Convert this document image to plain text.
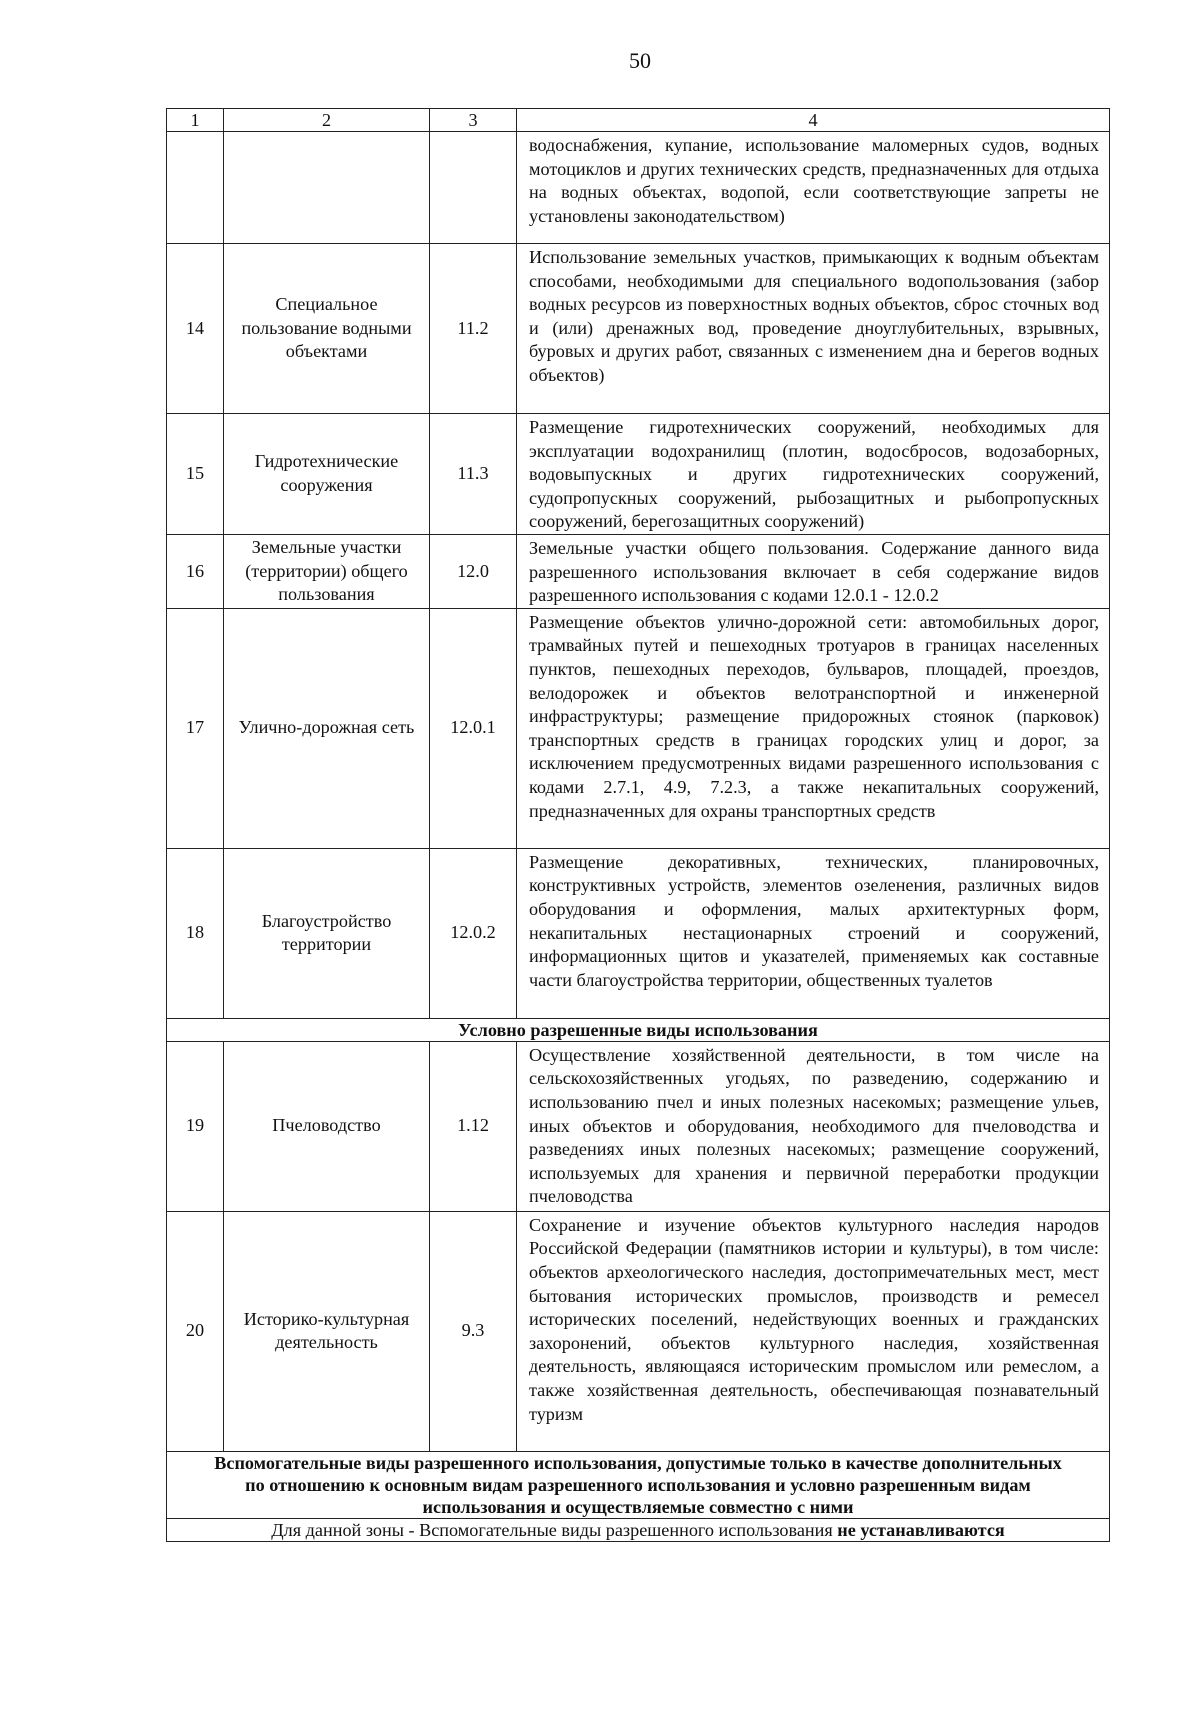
50
1	2	3	4
			водоснабжения, купание, использование маломерных судов, водных мотоциклов и других технических средств, предназначенных для отдыха на водных объектах, водопой, если соответствующие запреты не установлены законодательством)
14	Специальное пользование водными объектами	11.2	Использование земельных участков, примыкающих к водным объектам способами, необходимыми для специального водопользования (забор водных ресурсов из поверхностных водных объектов, сброс сточных вод и (или) дренажных вод, проведение дноуглубительных, взрывных, буровых и других работ, связанных с изменением дна и берегов водных объектов)
15	Гидротехнические сооружения	11.3	Размещение гидротехнических сооружений, необходимых для эксплуатации водохранилищ (плотин, водосбросов, водозаборных, водовыпускных и других гидротехнических сооружений, судопропускных сооружений, рыбозащитных и рыбопропускных сооружений, берегозащитных сооружений)
16	Земельные участки (территории) общего пользования	12.0	Земельные участки общего пользования. Содержание данного вида разрешенного использования включает в себя содержание видов разрешенного использования с кодами 12.0.1 - 12.0.2
17	Улично-дорожная сеть	12.0.1	Размещение объектов улично-дорожной сети: автомобильных дорог, трамвайных путей и пешеходных тротуаров в границах населенных пунктов, пешеходных переходов, бульваров, площадей, проездов, велодорожек и объектов велотранспортной и инженерной инфраструктуры; размещение придорожных стоянок (парковок) транспортных средств в границах городских улиц и дорог, за исключением предусмотренных видами разрешенного использования с кодами 2.7.1, 4.9, 7.2.3, а также некапитальных сооружений, предназначенных для охраны транспортных средств
18	Благоустройство территории	12.0.2	Размещение декоративных, технических, планировочных, конструктивных устройств, элементов озеленения, различных видов оборудования и оформления, малых архитектурных форм, некапитальных нестационарных строений и сооружений, информационных щитов и указателей, применяемых как составные части благоустройства территории, общественных туалетов
Условно разрешенные виды использования			
19	Пчеловодство	1.12	Осуществление хозяйственной деятельности, в том числе на сельскохозяйственных угодьях, по разведению, содержанию и использованию пчел и иных полезных насекомых; размещение ульев, иных объектов и оборудования, необходимого для пчеловодства и разведениях иных полезных насекомых; размещение сооружений, используемых для хранения и первичной переработки продукции пчеловодства
20	Историко-культурная деятельность	9.3	Сохранение и изучение объектов культурного наследия народов Российской Федерации (памятников истории и культуры), в том числе: объектов археологического наследия, достопримечательных мест, мест бытования исторических промыслов, производств и ремесел исторических поселений, недействующих военных и гражданских захоронений, объектов культурного наследия, хозяйственная деятельность, являющаяся историческим промыслом или ремеслом, а также хозяйственная деятельность, обеспечивающая познавательный туризм
Вспомогательные виды разрешенного использования, допустимые только в качестве дополнительных по отношению к основным видам разрешенного использования и условно разрешенным видам использования и осуществляемые совместно с ними			
Для данной зоны - Вспомогательные виды разрешенного использования не устанавливаются			
